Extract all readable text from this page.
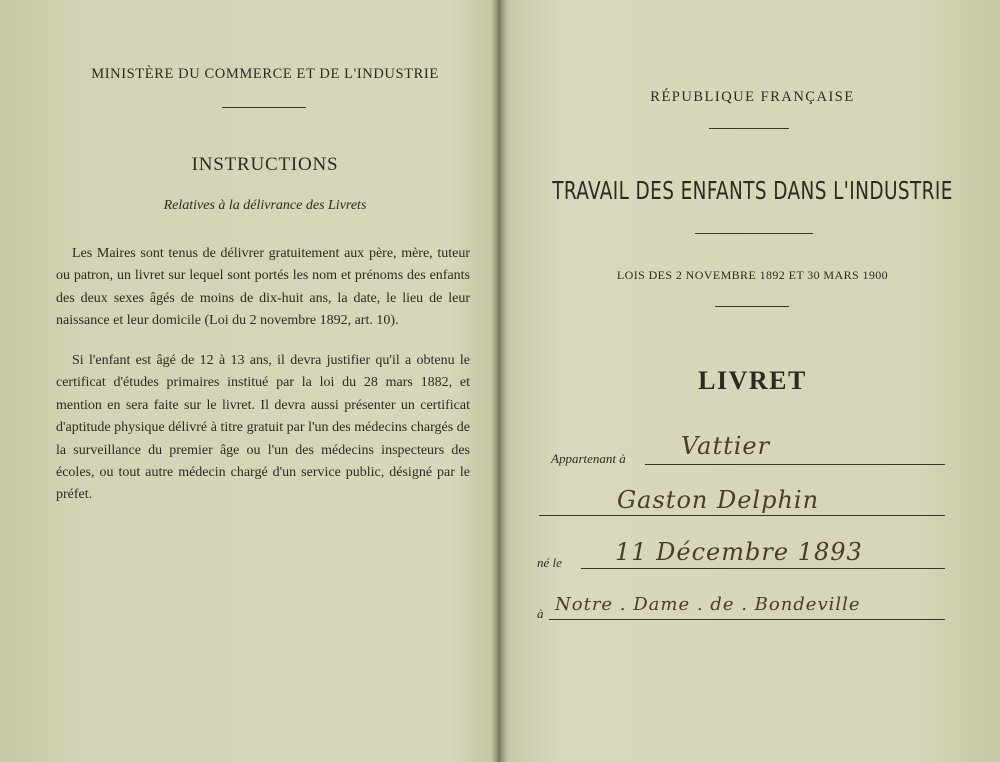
MINISTÈRE DU COMMERCE ET DE L'INDUSTRIE
INSTRUCTIONS
Relatives à la délivrance des Livrets
Les Maires sont tenus de délivrer gratuitement aux père, mère, tuteur ou patron, un livret sur lequel sont portés les nom et prénoms des enfants des deux sexes âgés de moins de dix-huit ans, la date, le lieu de leur naissance et leur domicile (Loi du 2 novembre 1892, art. 10).
Si l'enfant est âgé de 12 à 13 ans, il devra justifier qu'il a obtenu le certificat d'études primaires institué par la loi du 28 mars 1882, et mention en sera faite sur le livret. Il devra aussi présenter un certificat d'aptitude physique délivré à titre gratuit par l'un des médecins chargés de la surveillance du premier âge ou l'un des médecins inspecteurs des écoles, ou tout autre médecin chargé d'un service public, désigné par le préfet.
RÉPUBLIQUE FRANÇAISE
TRAVAIL DES ENFANTS DANS L'INDUSTRIE
LOIS DES 2 NOVEMBRE 1892 ET 30 MARS 1900
LIVRET
Appartenant à Vattier
Gaston Delphin
né le 11 Décembre 1893
à Notre . Dame . de . Bondeville
